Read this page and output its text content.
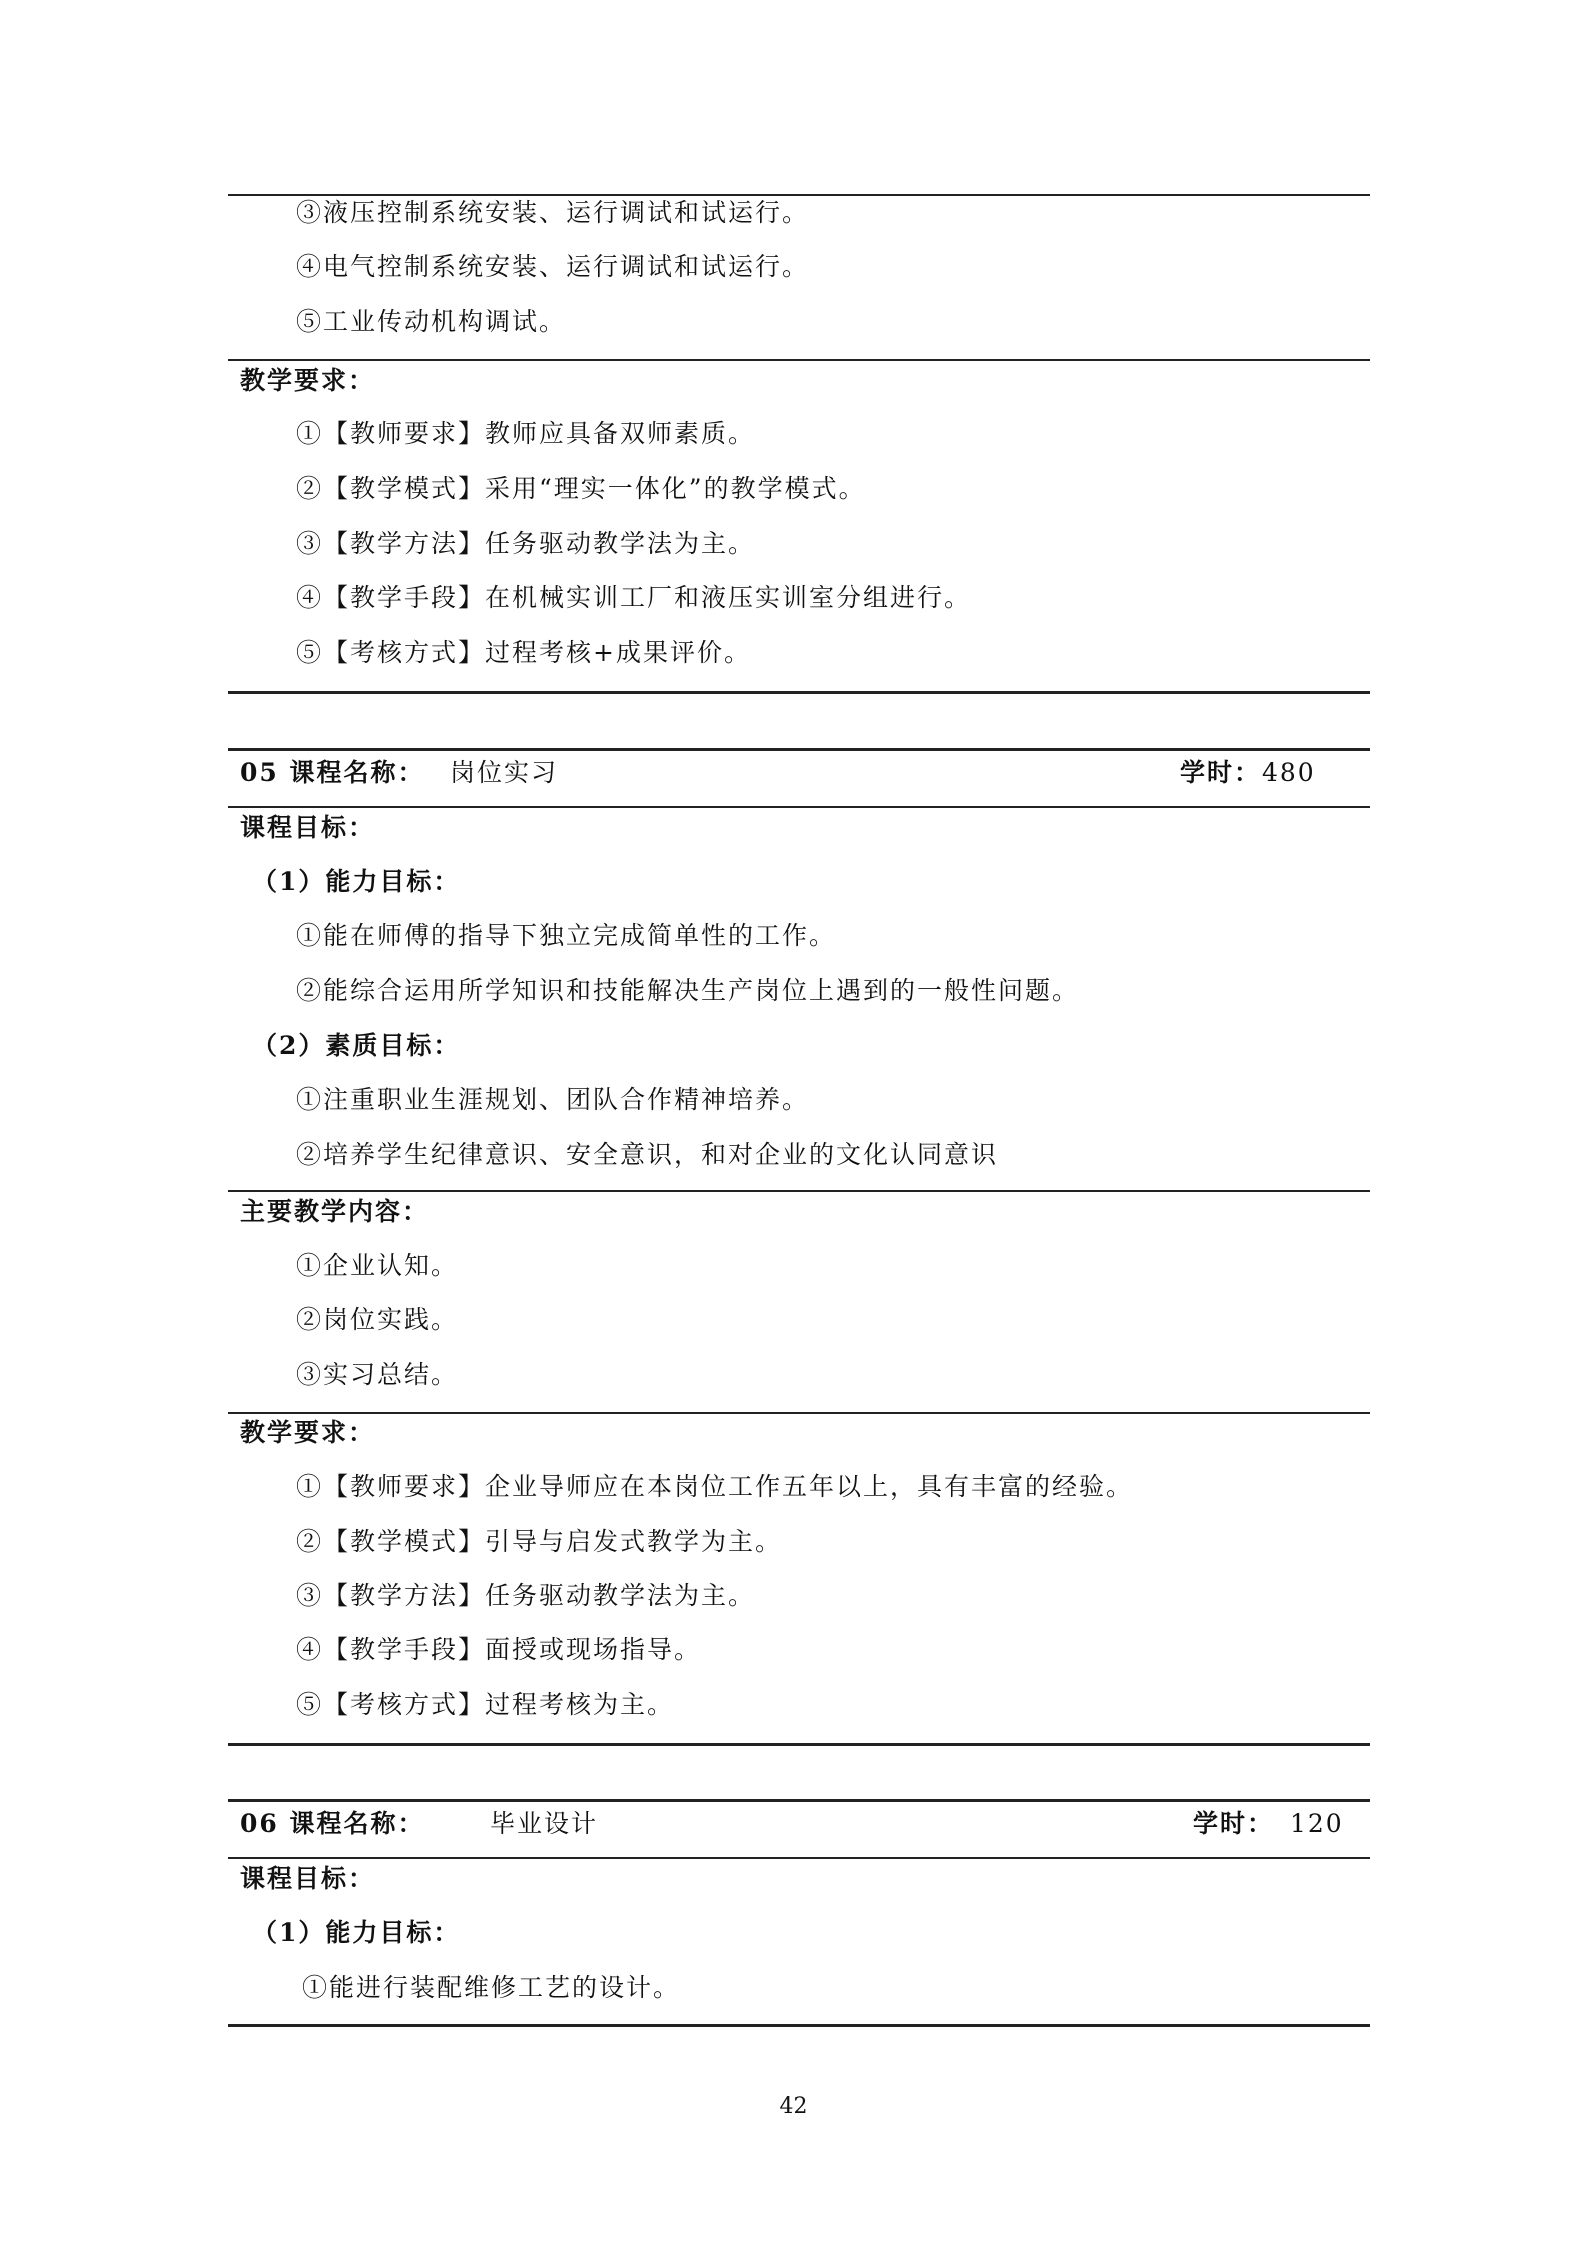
③液压控制系统安装、运行调试和试运行。
④电气控制系统安装、运行调试和试运行。
⑤工业传动机构调试。
教学要求：
①【教师要求】教师应具备双师素质。
②【教学模式】采用“理实一体化”的教学模式。
③【教学方法】任务驱动教学法为主。
④【教学手段】在机械实训工厂和液压实训室分组进行。
⑤【考核方式】过程考核+成果评价。
05 课程名称： 岗位实习	学时： 480
课程目标：
（1）能力目标：
①能在师傅的指导下独立完成简单性的工作。
②能综合运用所学知识和技能解决生产岗位上遇到的一般性问题。
（2）素质目标：
①注重职业生涯规划、团队合作精神培养。
②培养学生纪律意识、安全意识，和对企业的文化认同意识
主要教学内容：
①企业认知。
②岗位实践。
③实习总结。
教学要求：
①【教师要求】企业导师应在本岗位工作五年以上，具有丰富的经验。
②【教学模式】引导与启发式教学为主。
③【教学方法】任务驱动教学法为主。
④【教学手段】面授或现场指导。
⑤【考核方式】过程考核为主。
06 课程名称：	毕业设计	学时： 120
课程目标：
（1）能力目标：
①能进行装配维修工艺的设计。
42
